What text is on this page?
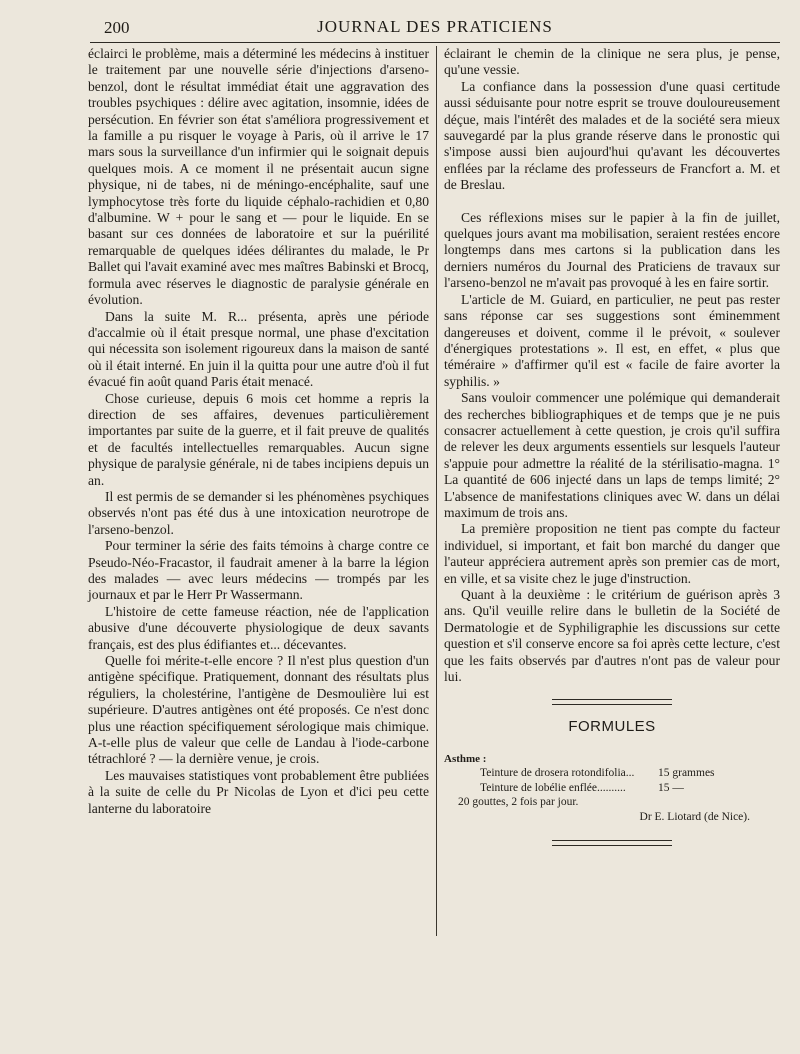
200	JOURNAL DES PRATICIENS

éclairci le problème, mais a déterminé les médecins à instituer le traitement par une nouvelle série d'injections d'arseno-benzol, dont le résultat immédiat était une aggravation des troubles psychiques : délire avec agitation, insomnie, idées de persécution. En février son état s'améliora progressivement et la famille a pu risquer le voyage à Paris, où il arrive le 17 mars sous la surveillance d'un infirmier qui le soignait depuis quelques mois. A ce moment il ne présentait aucun signe physique, ni de tabes, ni de méningo-encéphalite, sauf une lymphocytose très forte du liquide céphalo-rachidien et 0,80 d'albumine. W + pour le sang et — pour le liquide. En se basant sur ces données de laboratoire et sur la puérilité remarquable de quelques idées délirantes du malade, le Pr Ballet qui l'avait examiné avec mes maîtres Babinski et Brocq, formula avec réserves le diagnostic de paralysie générale en évolution.

Dans la suite M. R... présenta, après une période d'accalmie où il était presque normal, une phase d'excitation qui nécessita son isolement rigoureux dans la maison de santé où il était interné. En juin il la quitta pour une autre d'où il fut évacué fin août quand Paris était menacé.

Chose curieuse, depuis 6 mois cet homme a repris la direction de ses affaires, devenues particulièrement importantes par suite de la guerre, et il fait preuve de qualités et de facultés intellectuelles remarquables. Aucun signe physique de paralysie générale, ni de tabes incipiens depuis un an.

Il est permis de se demander si les phénomènes psychiques observés n'ont pas été dus à une intoxication neurotrope de l'arseno-benzol.

Pour terminer la série des faits témoins à charge contre ce Pseudo-Néo-Fracastor, il faudrait amener à la barre la légion des malades — avec leurs médecins — trompés par les journaux et par le Herr Pr Wassermann.

L'histoire de cette fameuse réaction, née de l'application abusive d'une découverte physiologique de deux savants français, est des plus édifiantes et... décevantes.

Quelle foi mérite-t-elle encore ? Il n'est plus question d'un antigène spécifique. Pratiquement, donnant des résultats plus réguliers, la cholestérine, l'antigène de Desmoulière lui est supérieure. D'autres antigènes ont été proposés. Ce n'est donc plus une réaction spécifiquement sérologique mais chimique. A-t-elle plus de valeur que celle de Landau à l'iode-carbone tétrachloré ? — la dernière venue, je crois.

Les mauvaises statistiques vont probablement être publiées à la suite de celle du Pr Nicolas de Lyon et d'ici peu cette lanterne du laboratoire

éclairant le chemin de la clinique ne sera plus, je pense, qu'une vessie.

La confiance dans la possession d'une quasi certitude aussi séduisante pour notre esprit se trouve douloureusement déçue, mais l'intérêt des malades et de la société sera mieux sauvegardé par la plus grande réserve dans le pronostic qui s'impose aussi bien aujourd'hui qu'avant les découvertes enflées par la réclame des professeurs de Francfort a. M. et de Breslau.

Ces réflexions mises sur le papier à la fin de juillet, quelques jours avant ma mobilisation, seraient restées encore longtemps dans mes cartons si la publication dans les derniers numéros du Journal des Praticiens de travaux sur l'arseno-benzol ne m'avait pas provoqué à les en faire sortir.

L'article de M. Guiard, en particulier, ne peut pas rester sans réponse car ses suggestions sont éminemment dangereuses et doivent, comme il le prévoit, « soulever d'énergiques protestations ». Il est, en effet, « plus que téméraire » d'affirmer qu'il est « facile de faire avorter la syphilis. »

Sans vouloir commencer une polémique qui demanderait des recherches bibliographiques et de temps que je ne puis consacrer actuellement à cette question, je crois qu'il suffira de relever les deux arguments essentiels sur lesquels l'auteur s'appuie pour admettre la réalité de la stérilisatio-magna. 1° La quantité de 606 injecté dans un laps de temps limité; 2° L'absence de manifestations cliniques avec W. dans un délai maximum de trois ans.

La première proposition ne tient pas compte du facteur individuel, si important, et fait bon marché du danger que l'auteur appréciera autrement après son premier cas de mort, en ville, et sa visite chez le juge d'instruction.

Quant à la deuxième : le critérium de guérison après 3 ans. Qu'il veuille relire dans le bulletin de la Société de Dermatologie et de Syphiligraphie les discussions sur cette question et s'il conserve encore sa foi après cette lecture, c'est que les faits observés par d'autres n'ont pas de valeur pour lui.

FORMULES
Asthme :
Teinture de drosera rotondifolia...	15 grammes
Teinture de lobélie enflée..........	15 —
20 gouttes, 2 fois par jour.
Dr E. Liotard (de Nice).
